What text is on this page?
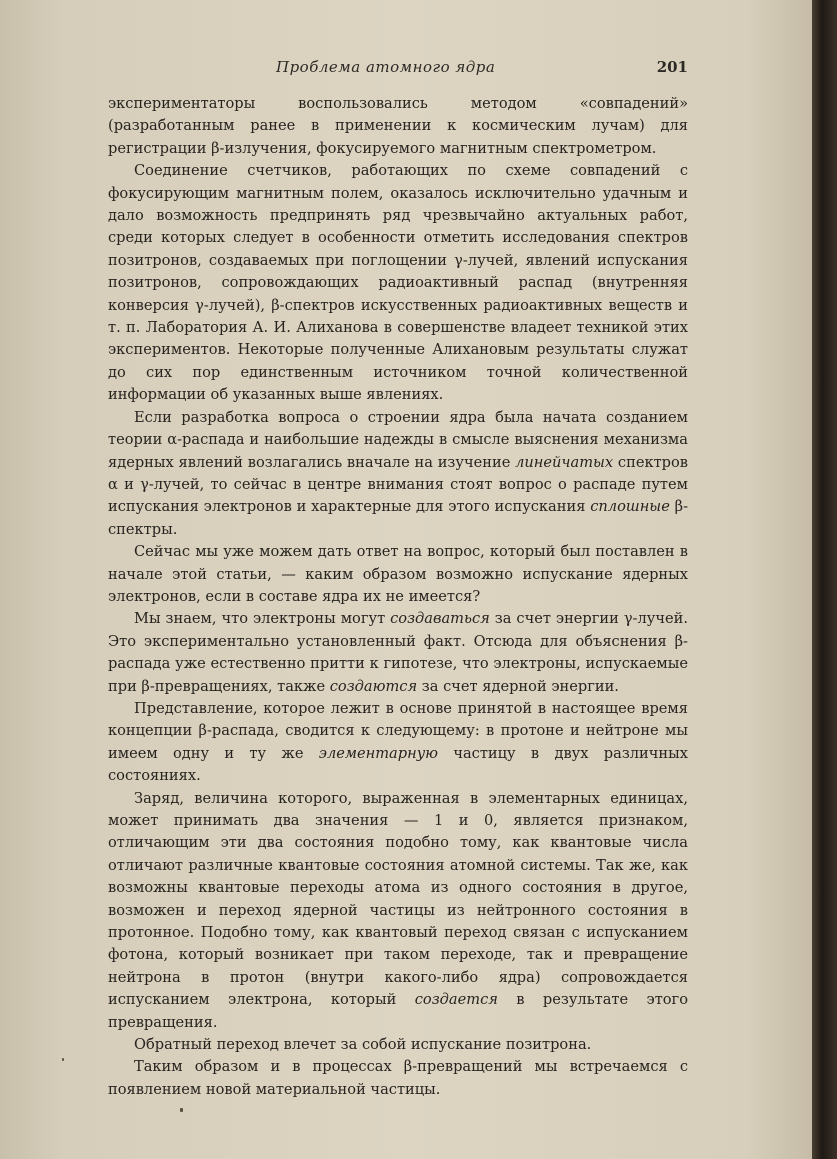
Проблема атомного ядра	201

экспериментаторы воспользовались методом «совпадений» (разработанным ранее в применении к космическим лучам) для регистрации β-излучения, фокусируемого магнитным спектрометром.

Соединение счетчиков, работающих по схеме совпадений с фокусирующим магнитным полем, оказалось исключительно удачным и дало возможность предпринять ряд чрезвычайно актуальных работ, среди которых следует в особенности отметить исследования спектров позитронов, создаваемых при поглощении γ-лучей, явлений испускания позитронов, сопровождающих радиоактивный распад (внутренняя конверсия γ-лучей), β-спектров искусственных радиоактивных веществ и т. п. Лаборатория А. И. Алиханова в совершенстве владеет техникой этих экспериментов. Некоторые полученные Алихановым результаты служат до сих пор единственным источником точной количественной информации об указанных выше явлениях.

Если разработка вопроса о строении ядра была начата созданием теории α-распада и наибольшие надежды в смысле выяснения механизма ядерных явлений возлагались вначале на изучение линейчатых спектров α и γ-лучей, то сейчас в центре внимания стоят вопрос о распаде путем испускания электронов и характерные для этого испускания сплошные β-спектры.

Сейчас мы уже можем дать ответ на вопрос, который был поставлен в начале этой статьи, — каким образом возможно испускание ядерных электронов, если в составе ядра их не имеется?

Мы знаем, что электроны могут создаваться за счет энергии γ-лучей. Это экспериментально установленный факт. Отсюда для объяснения β-распада уже естественно притти к гипотезе, что электроны, испускаемые при β-превращениях, также создаются за счет ядерной энергии.

Представление, которое лежит в основе принятой в настоящее время концепции β-распада, сводится к следующему: в протоне и нейтроне мы имеем одну и ту же элементарную частицу в двух различных состояниях.

Заряд, величина которого, выраженная в элементарных единицах, может принимать два значения — 1 и 0, является признаком, отличающим эти два состояния подобно тому, как квантовые числа отличают различные квантовые состояния атомной системы. Так же, как возможны квантовые переходы атома из одного состояния в другое, возможен и переход ядерной частицы из нейтронного состояния в протонное. Подобно тому, как квантовый переход связан с испусканием фотона, который возникает при таком переходе, так и превращение нейтрона в протон (внутри какого-либо ядра) сопровождается испусканием электрона, который создается в результате этого превращения.

Обратный переход влечет за собой испускание позитрона.

Таким образом и в процессах β-превращений мы встречаемся с появлением новой материальной частицы.
